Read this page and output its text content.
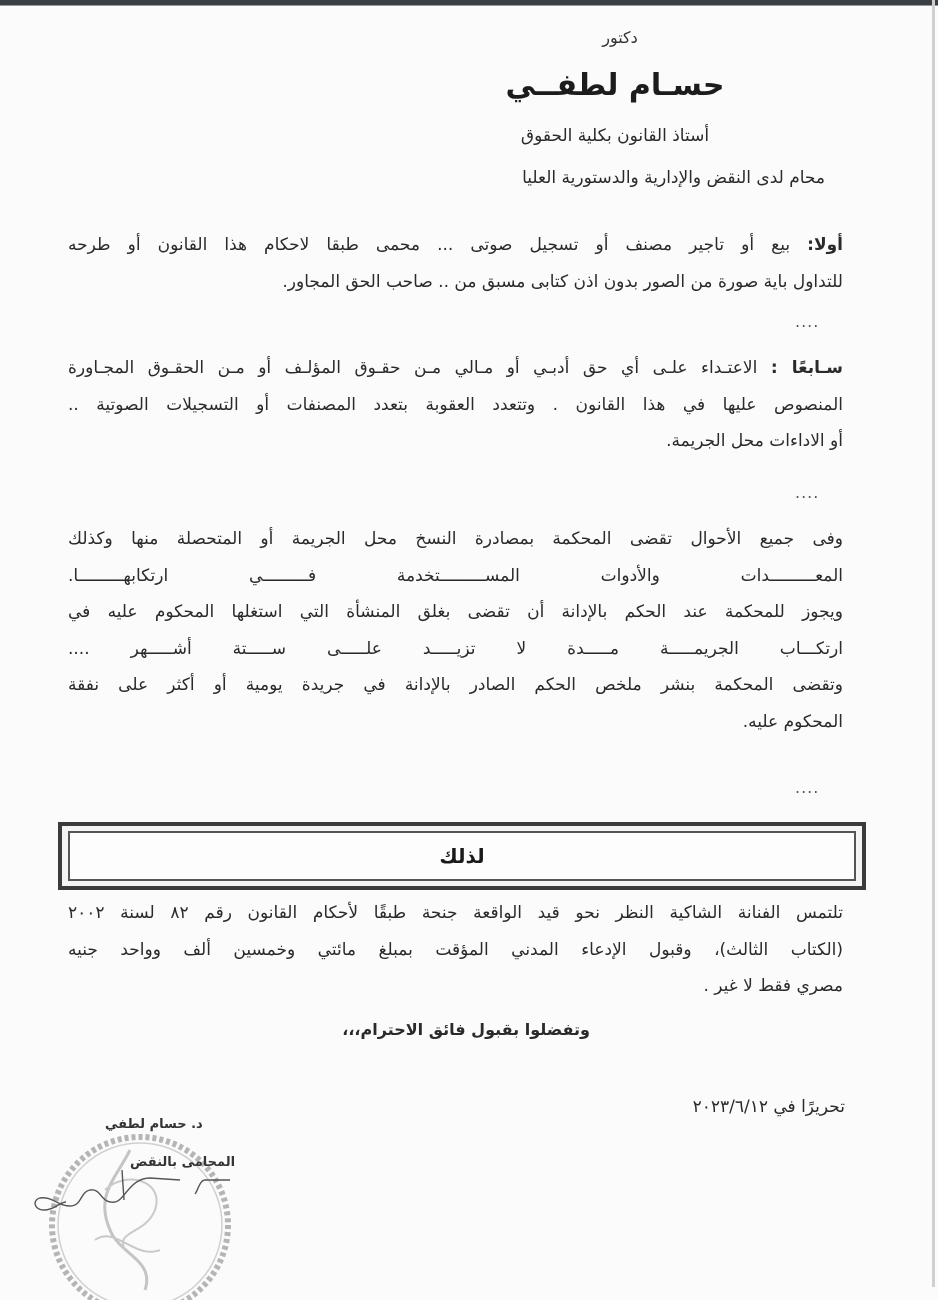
دكتور
حسـام لطفــي
أستاذ القانون بكلية الحقوق
محام لدى النقض والإدارية والدستورية العليا
أولا: بيع أو تاجير مصنف أو تسجيل صوتى ... محمى طبقا لاحكام هذا القانون أو طرحه
للتداول باية صورة من الصور بدون اذن كتابى مسبق من .. صاحب الحق المجاور.
....
سـابعًا : الاعتـداء علـى أي حق أدبـي أو مـالي مـن حقـوق المؤلـف أو مـن الحقـوق المجـاورة
المنصوص عليها في هذا القانون . وتتعدد العقوبة بتعدد المصنفات أو التسجيلات الصوتية ..
أو الاداءات محل الجريمة.
....
وفى جميع الأحوال تقضى المحكمة بمصادرة النسخ محل الجريمة أو المتحصلة منها وكذلك
المعـــــــــدات والأدوات المســـــــــتخدمة فـــــــــي ارتكابهـــــــــا.
ويجوز للمحكمة عند الحكم بالإدانة أن تقضى بغلق المنشأة التي استغلها المحكوم عليه في
ارتكـــاب الجريمـــــة مـــــدة لا تزيـــــد علـــــى ســـــتة أشـــــهر ....
وتقضى المحكمة بنشر ملخص الحكم الصادر بالإدانة في جريدة يومية أو أكثر على نفقة
المحكوم عليه.
....
لذلك
تلتمس الفنانة الشاكية النظر نحو قيد الواقعة جنحة طبقًا لأحكام القانون رقم ٨٢ لسنة ٢٠٠٢
(الكتاب الثالث)، وقبول الإدعاء المدني المؤقت بمبلغ مائتي وخمسين ألف وواحد جنيه
مصري فقط لا غير .
وتفضلوا بقبول فائق الاحترام،،،
تحريرًا في ٢٠٢٣/٦/١٢
د. حسام لطفي
المحامى بالنقض
